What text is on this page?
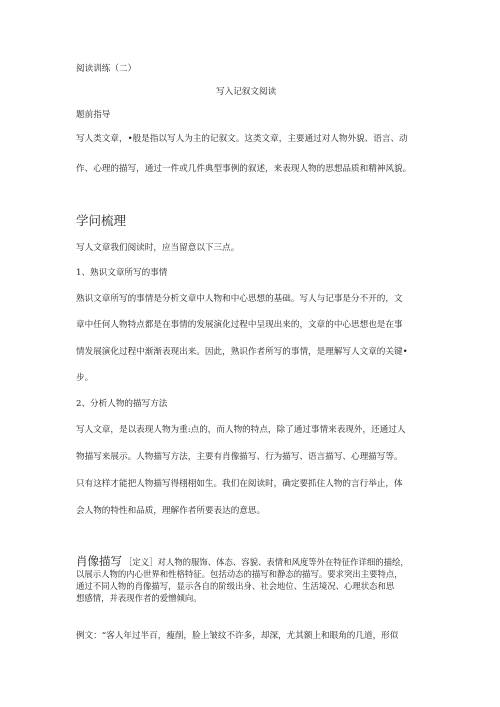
阅读训练（二）
写入记叙文阅读
题前指导
写人类文章，•般是指以写人为主的记叙文。这类文章，主要通过对人物外貌、语言、动
作、心理的描写，通过一件或几件典型事例的叙述，来表现人物的思想品质和精神风貌。
学问梳理
写人文章我们阅读时，应当留意以下三点。
1、熟识文章所写的事情
熟识文章所写的事情是分析文章中人物和中心思想的基础。写人与记事是分不开的，文
章中任何人物特点都是在事情的发展演化过程中呈现出来的，文章的中心思想也是在事
情发展演化过程中渐渐表现出来。因此，熟识作者所写的事情，是理解写人文章的关键•
步。
2、分析人物的描写方法
写人文章，是以表现人物为重:点的，而人物的特点，除了通过事情来表现外，还通过人
物描写来展示。人物描写方法，主要有肖像描写、行为描写、语言描写、心理描写等。
只有这样才能把人物描写得栩栩如生。我们在阅读时，确定要抓住人物的言行举止，体
会人物的特性和品质，理解作者所要表达的意思。
肖像描写 ［定义］对人物的服饰、体态、容貌、表情和风度等外在特征作详细的描绘，
以展示人物的内心世界和性格特征。包括动态的描写和静态的描写。要求突出主要特点，
通过不同人物的肖像描写，显示各自的阶级出身、社会地位、生活境况、心理状态和思
想感情，并表现作者的爱憎倾向。
例文：“客人年过半百，瘦削，脸上皱纹不许多，却深，尤其额上和眼角的几道，形似
